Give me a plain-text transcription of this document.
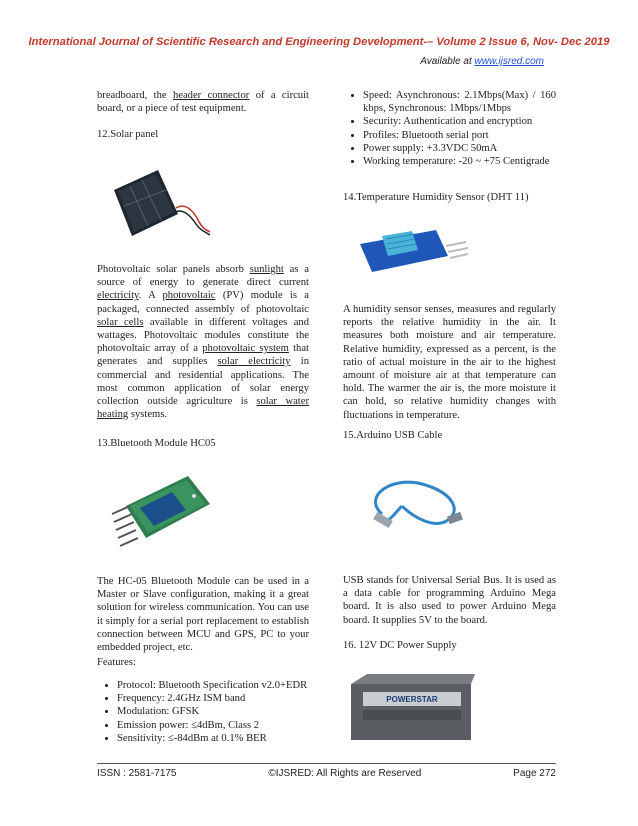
International Journal of Scientific Research and Engineering Development-– Volume 2 Issue 6, Nov- Dec 2019
Available at www.ijsred.com
breadboard, the header connector of a circuit board, or a piece of test equipment.
12.Solar panel
Photovoltaic solar panels absorb sunlight as a source of energy to generate direct current electricity. A photovoltaic (PV) module is a packaged, connected assembly of photovoltaic solar cells available in different voltages and wattages. Photovoltaic modules constitute the photovoltaic array of a photovoltaic system that generates and supplies solar electricity in commercial and residential applications. The most common application of solar energy collection outside agriculture is solar water heating systems.
13.Bluetooth Module HC05
The HC-05 Bluetooth Module can be used in a Master or Slave configuration, making it a great solution for wireless communication. You can use it simply for a serial port replacement to establish connection between MCU and GPS, PC to your embedded project, etc.
Features:
• Protocol: Bluetooth Specification v2.0+EDR
• Frequency: 2.4GHz ISM band
• Modulation: GFSK
• Emission power: ≤4dBm, Class 2
• Sensitivity: ≤-84dBm at 0.1% BER
• Speed: Asynchronous: 2.1Mbps(Max) / 160 kbps, Synchronous: 1Mbps/1Mbps
• Security: Authentication and encryption
• Profiles: Bluetooth serial port
• Power supply: +3.3VDC 50mA
• Working temperature: -20 ~ +75 Centigrade
14.Temperature Humidity Sensor (DHT 11)
A humidity sensor senses, measures and regularly reports the relative humidity in the air. It measures both moisture and air temperature. Relative humidity, expressed as a percent, is the ratio of actual moisture in the air to the highest amount of moisture air at that temperature can hold. The warmer the air is, the more moisture it can hold, so relative humidity changes with fluctuations in temperature.
15.Arduino USB Cable
USB stands for Universal Serial Bus. It is used as a data cable for programming Arduino Mega board. It is also used to power Arduino Mega board. It supplies 5V to the board.
16. 12V DC Power Supply
POWERSTAR
ISSN : 2581-7175	©IJSRED: All Rights are Reserved	Page 272
